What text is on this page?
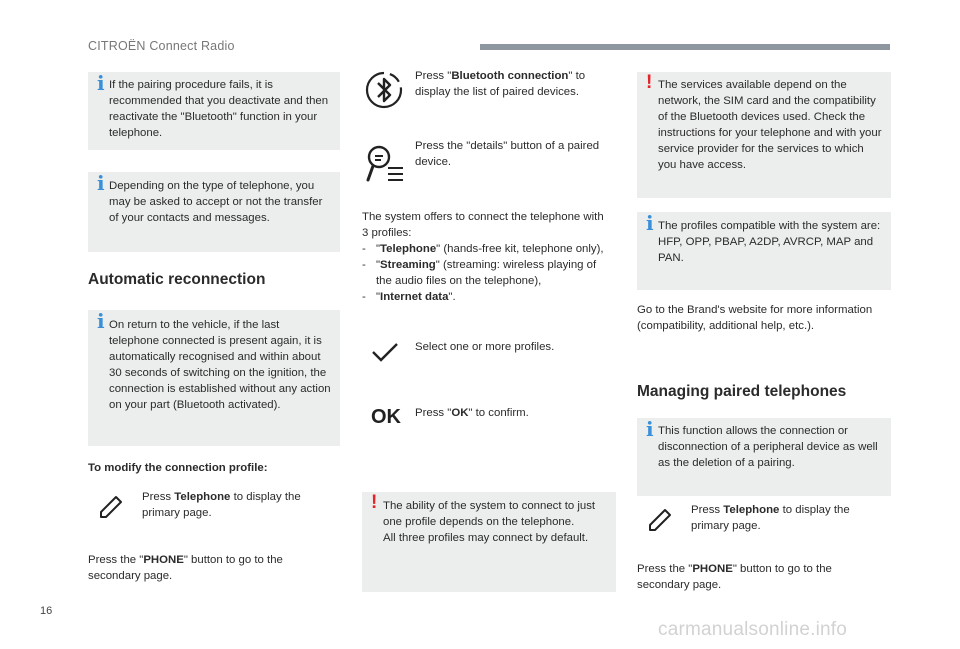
CITROËN Connect Radio
16
carmanualsonline.info
i If the pairing procedure fails, it is recommended that you deactivate and then reactivate the "Bluetooth" function in your telephone.

i Depending on the type of telephone, you may be asked to accept or not the transfer of your contacts and messages.

Automatic reconnection
i On return to the vehicle, if the last telephone connected is present again, it is automatically recognised and within about 30 seconds of switching on the ignition, the connection is established without any action on your part (Bluetooth activated).

To modify the connection profile:
Press Telephone to display the primary page.
Press the "PHONE" button to go to the secondary page.
Press "Bluetooth connection" to display the list of paired devices.
Press the "details" button of a paired device.
The system offers to connect the telephone with 3 profiles:
- "Telephone" (hands-free kit, telephone only),
- "Streaming" (streaming: wireless playing of the audio files on the telephone),
- "Internet data".
Select one or more profiles.
OK Press "OK" to confirm.
! The ability of the system to connect to just one profile depends on the telephone.
All three profiles may connect by default.

! The services available depend on the network, the SIM card and the compatibility of the Bluetooth devices used. Check the instructions for your telephone and with your service provider for the services to which you have access.

i The profiles compatible with the system are: HFP, OPP, PBAP, A2DP, AVRCP, MAP and PAN.

Go to the Brand's website for more information (compatibility, additional help, etc.).
Managing paired telephones
i This function allows the connection or disconnection of a peripheral device as well as the deletion of a pairing.

Press Telephone to display the primary page.
Press the "PHONE" button to go to the secondary page.
